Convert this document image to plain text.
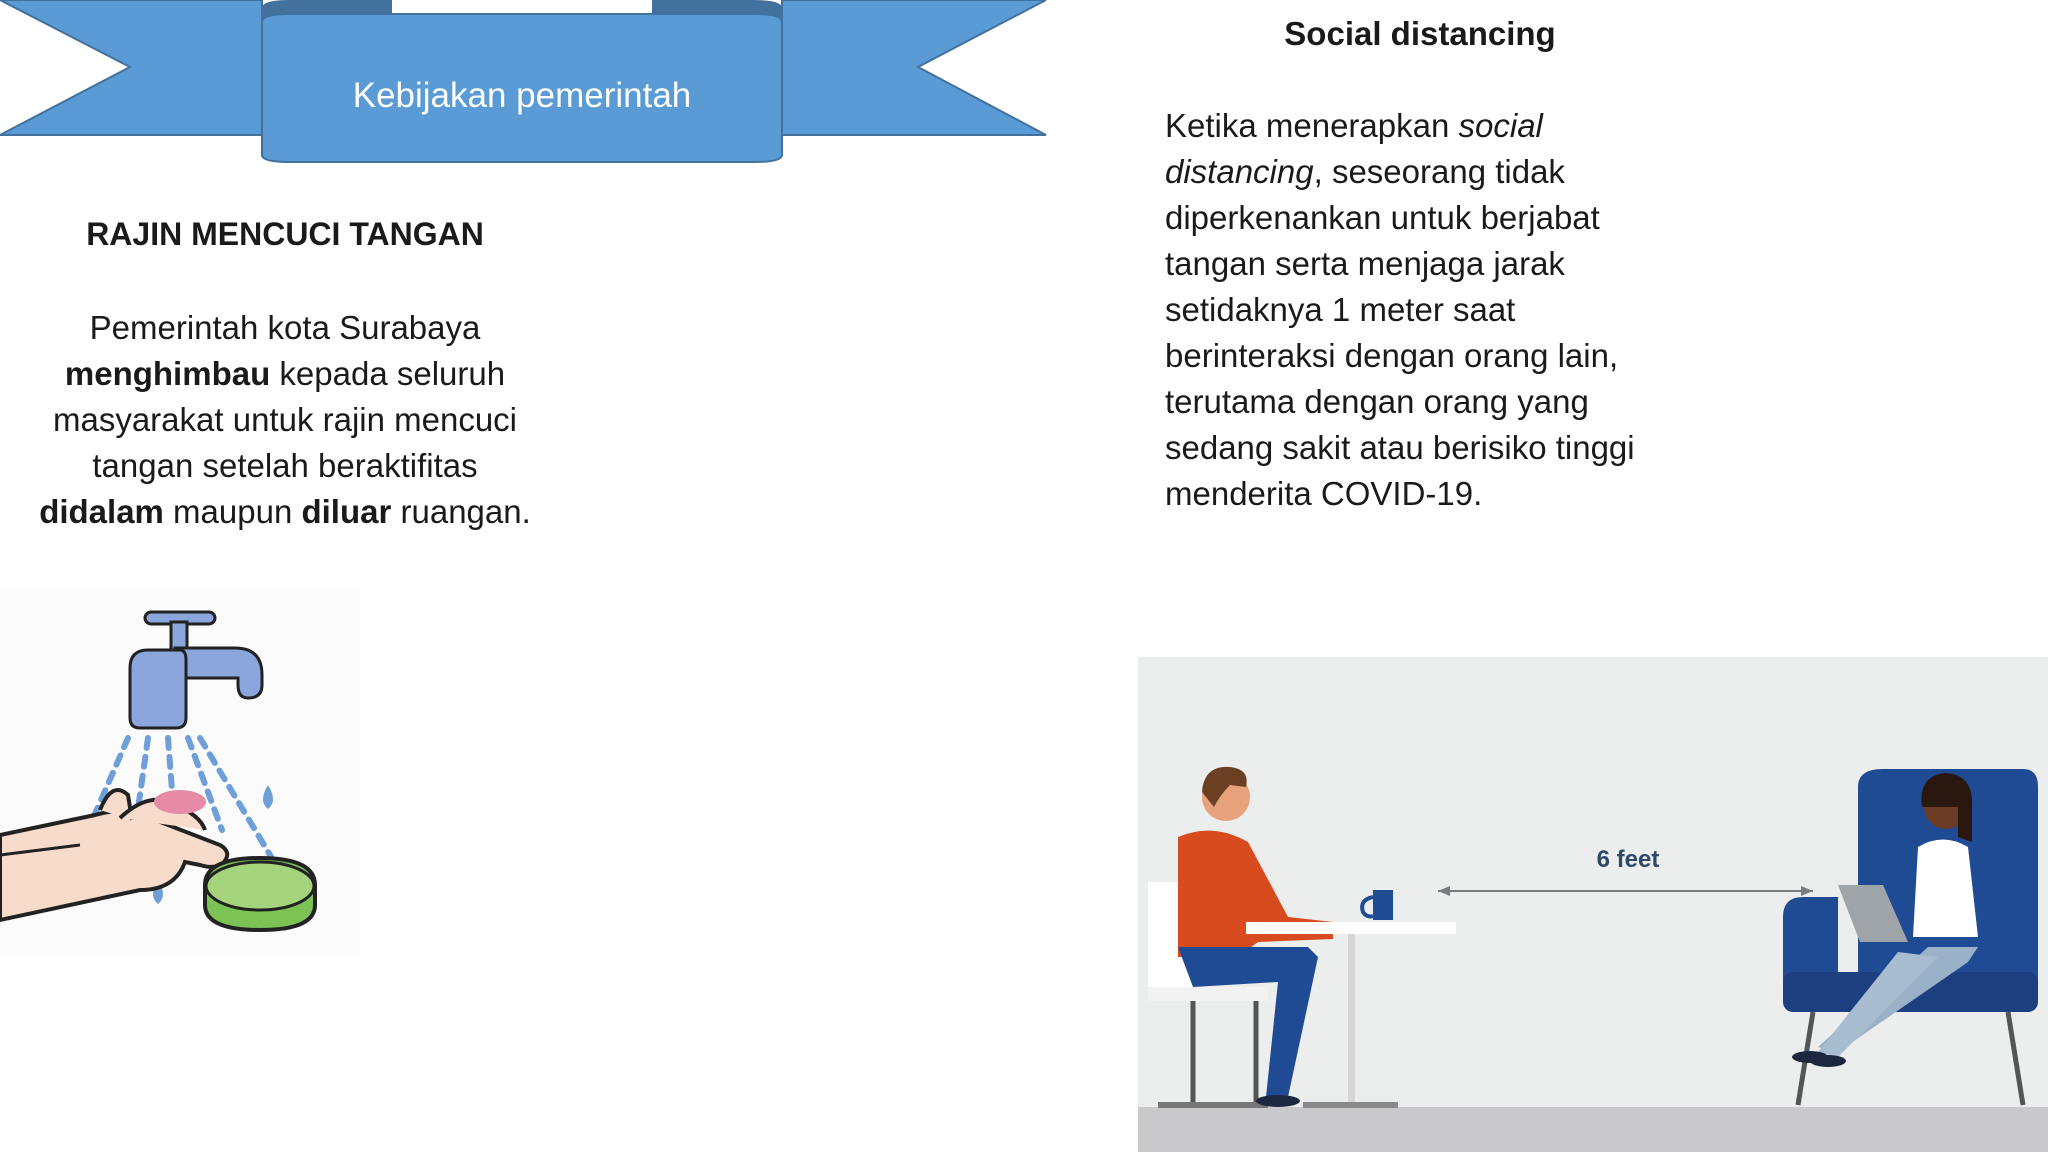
Kebijakan pemerintah
RAJIN MENCUCI TANGAN
Pemerintah kota Surabaya
menghimbau kepada seluruh
masyarakat untuk rajin mencuci
tangan setelah beraktifitas
didalam maupun diluar ruangan.
Social distancing
Ketika menerapkan social
distancing, seseorang tidak
diperkenankan untuk berjabat
tangan serta menjaga jarak
setidaknya 1 meter saat
berinteraksi dengan orang lain,
terutama dengan orang yang
sedang sakit atau berisiko tinggi
menderita COVID-19.
6 feet
